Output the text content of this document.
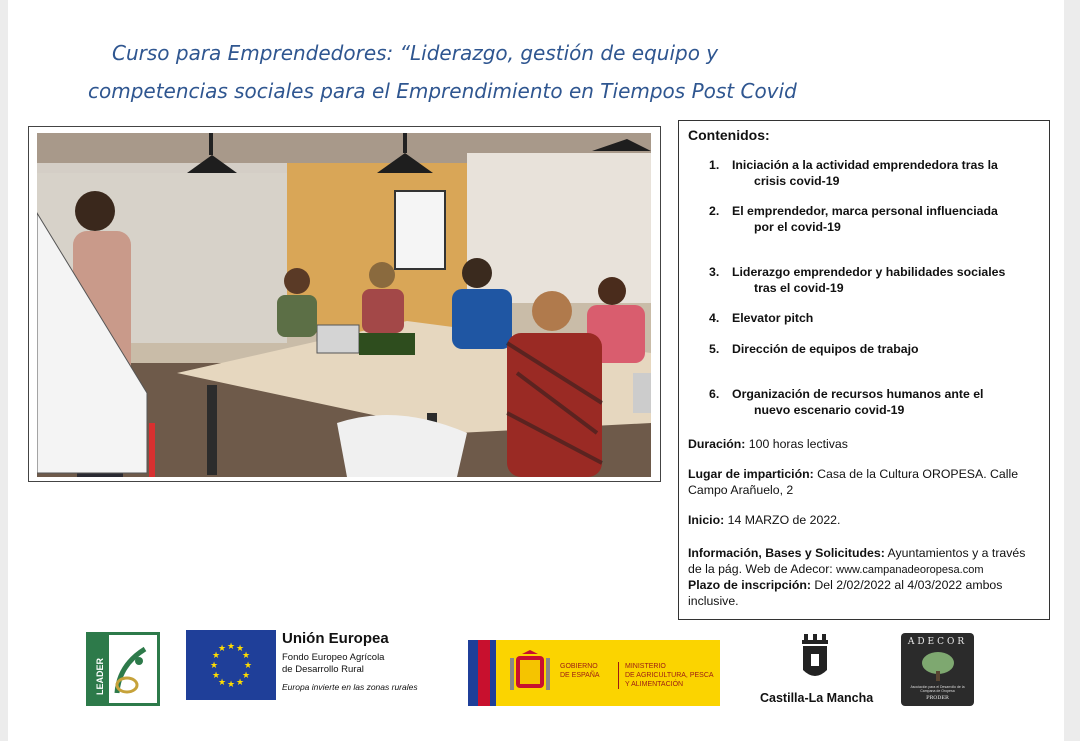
Curso para Emprendedores: “Liderazgo, gestión de equipo y
competencias sociales para el Emprendimiento en Tiempos Post Covid
Contenidos:
1. Iniciación a la actividad emprendedora tras la
crisis covid-19
2. El emprendedor, marca personal influenciada
por el covid-19
3. Liderazgo emprendedor y habilidades sociales
tras el covid-19
4. Elevator pitch
5. Dirección de equipos de trabajo
6. Organización de recursos humanos ante el
nuevo escenario covid-19
Duración: 100 horas lectivas
Lugar de impartición: Casa de la Cultura OROPESA. Calle Campo Arañuelo, 2
Inicio: 14 MARZO de 2022.
Información, Bases y Solicitudes: Ayuntamientos y a través de la pág. Web de Adecor: www.campanadeoropesa.com
Plazo de inscripción: Del 2/02/2022 al 4/03/2022 ambos inclusive.
LEADER
★ ★
★
★
★
★
★
★
★
★
★
★
Unión Europea
Fondo Europeo Agrícola
de Desarrollo Rural
Europa invierte en las zonas rurales
GOBIERNO
DE ESPAÑA
MINISTERIO
DE AGRICULTURA, PESCA
Y ALIMENTACIÓN
Castilla-La Mancha
ADECOR
Asociación para el Desarrollo de la Campana de Oropesa
PRODER
